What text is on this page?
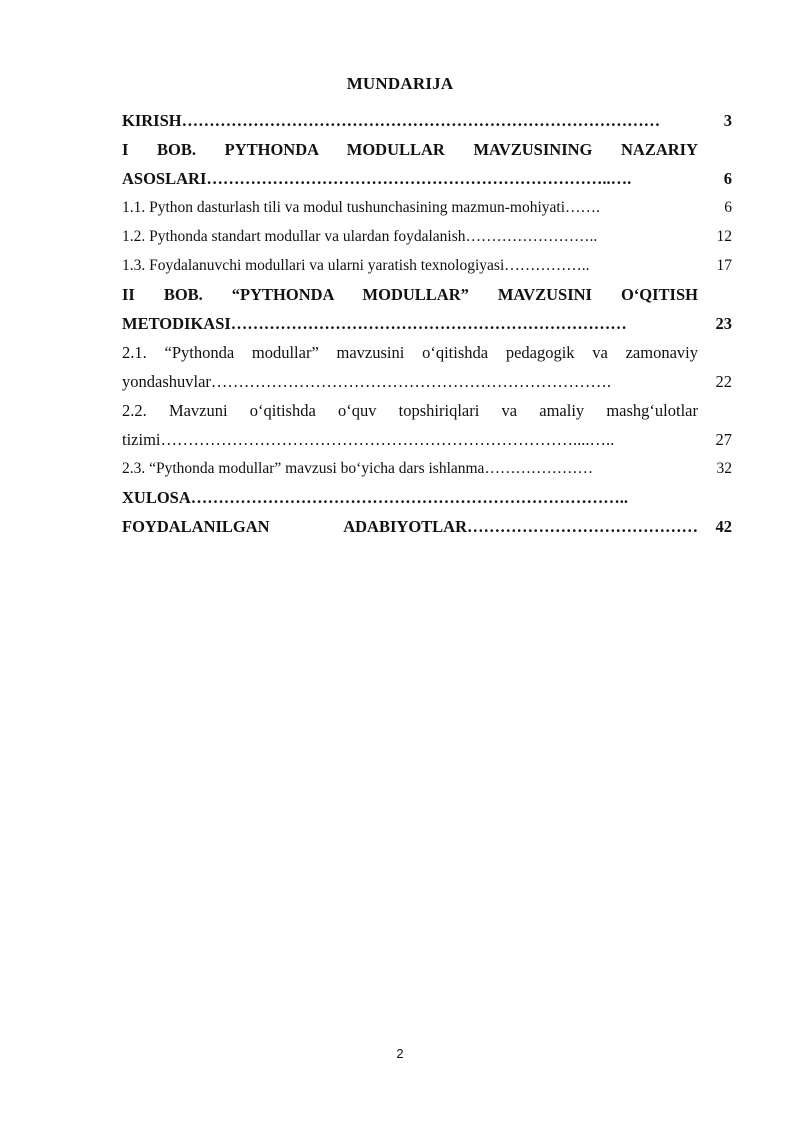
MUNDARIJA
KIRISH……………………………………………………………………………	3
I BOB. PYTHONDA MODULLAR MAVZUSINING NAZARIY
ASOSLARI………………………………………………………………..….	6
1.1. Python dasturlash tili va modul tushunchasining mazmun-mohiyati…….	6
1.2. Pythonda standart modullar va ulardan foydalanish……………………..	12
1.3. Foydalanuvchi modullari va ularni yaratish texnologiyasi……………..	17
II BOB. “PYTHONDA MODULLAR” MAVZUSINI O‘QITISH
METODIKASI………………………………………………………………	23
2.1. “Pythonda modullar” mavzusini o‘qitishda pedagogik va zamonaviy
yondashuvlar……………………………………………………………….	22
2.2. Mavzuni o‘qitishda o‘quv topshiriqlari va amaliy mashg‘ulotlar
tizimi…………………………………………………………………....…..	27
2.3. “Pythonda modullar” mavzusi bo‘yicha dars ishlanma…………………	32
XULOSA……………………………………………………………………..
FOYDALANILGAN ADABIYOTLAR……………………………………	42
2
